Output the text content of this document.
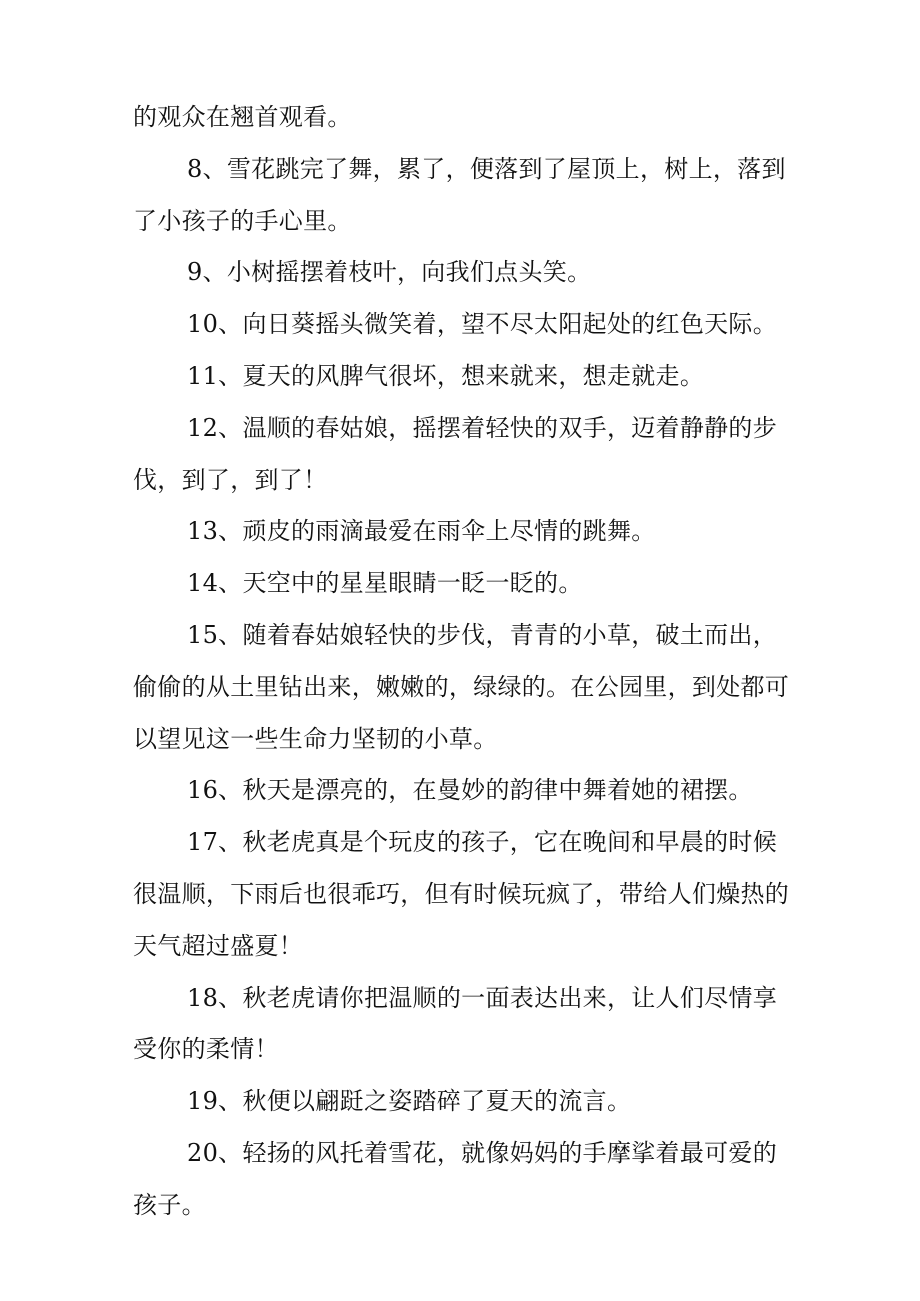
的观众在翘首观看。
8、雪花跳完了舞，累了，便落到了屋顶上，树上，落到
了小孩子的手心里。
9、小树摇摆着枝叶，向我们点头笑。
10、向日葵摇头微笑着，望不尽太阳起处的红色天际。
11、夏天的风脾气很坏，想来就来，想走就走。
12、温顺的春姑娘，摇摆着轻快的双手，迈着静静的步
伐，到了，到了！
13、顽皮的雨滴最爱在雨伞上尽情的跳舞。
14、天空中的星星眼睛一眨一眨的。
15、随着春姑娘轻快的步伐，青青的小草，破土而出，
偷偷的从土里钻出来，嫩嫩的，绿绿的。在公园里，到处都可
以望见这一些生命力坚韧的小草。
16、秋天是漂亮的，在曼妙的韵律中舞着她的裙摆。
17、秋老虎真是个玩皮的孩子，它在晚间和早晨的时候
很温顺，下雨后也很乖巧，但有时候玩疯了，带给人们燥热的
天气超过盛夏！
18、秋老虎请你把温顺的一面表达出来，让人们尽情享
受你的柔情！
19、秋便以翩跹之姿踏碎了夏天的流言。
20、轻扬的风托着雪花，就像妈妈的手摩挲着最可爱的
孩子。
